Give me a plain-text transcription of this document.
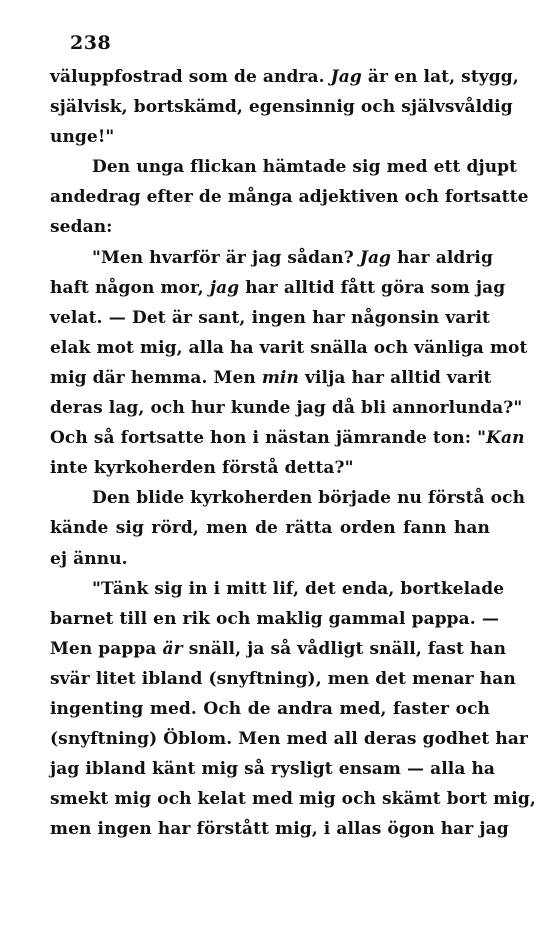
238
väluppfostrad som de andra. Jag är en lat, stygg,
självisk, bortskämd, egensinnig och självsvåldig
unge!"
Den unga flickan hämtade sig med ett djupt
andedrag efter de många adjektiven och fortsatte
sedan:
"Men hvarför är jag sådan? Jag har aldrig
haft någon mor, jag har alltid fått göra som jag
velat. — Det är sant, ingen har någonsin varit
elak mot mig, alla ha varit snälla och vänliga mot
mig där hemma. Men min vilja har alltid varit
deras lag, och hur kunde jag då bli annorlunda?"
Och så fortsatte hon i nästan jämrande ton: "Kan
inte kyrkoherden förstå detta?"
Den blide kyrkoherden började nu förstå och
kände sig rörd, men de rätta orden fann han
ej ännu.
"Tänk sig in i mitt lif, det enda, bortkelade
barnet till en rik och maklig gammal pappa. —
Men pappa är snäll, ja så vådligt snäll, fast han
svär litet ibland (snyftning), men det menar han
ingenting med. Och de andra med, faster och
(snyftning) Öblom. Men med all deras godhet har
jag ibland känt mig så rysligt ensam — alla ha
smekt mig och kelat med mig och skämt bort mig,
men ingen har förstått mig, i allas ögon har jag
